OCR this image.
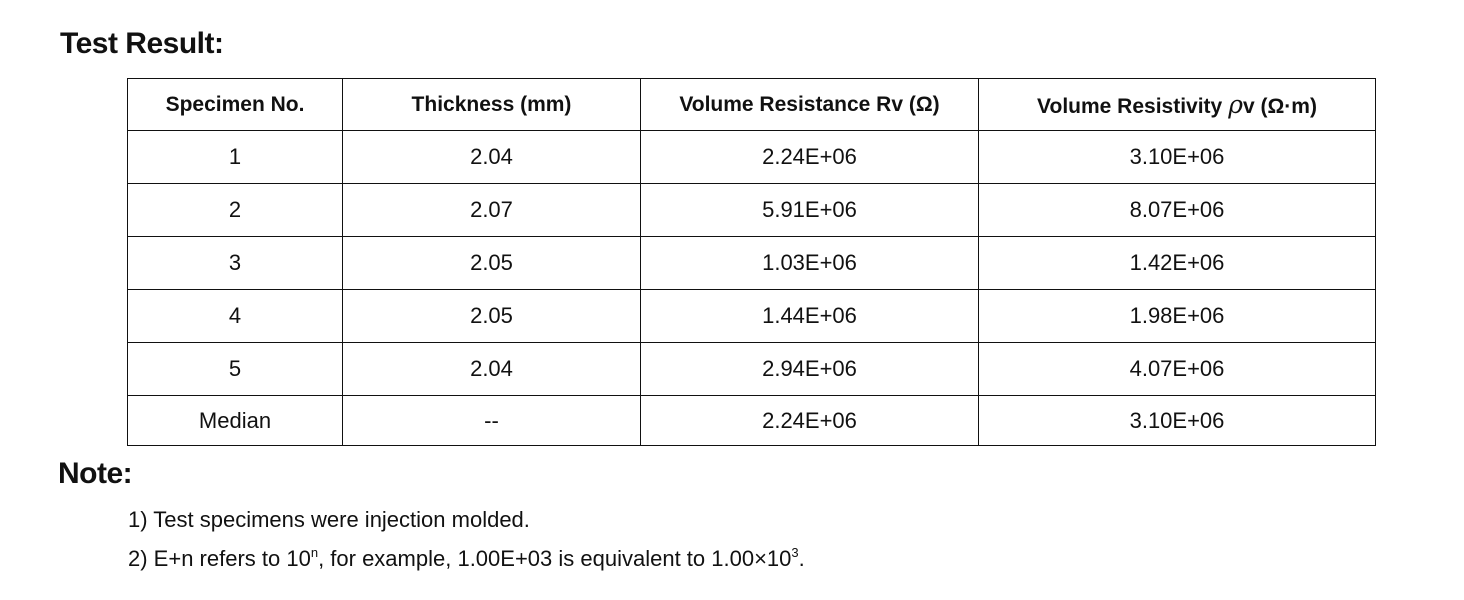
Test Result:
Specimen No.	Thickness (mm)	Volume Resistance Rv (Ω)	Volume Resistivity ρv (Ω·m)
1	2.04	2.24E+06	3.10E+06
2	2.07	5.91E+06	8.07E+06
3	2.05	1.03E+06	1.42E+06
4	2.05	1.44E+06	1.98E+06
5	2.04	2.94E+06	4.07E+06
Median	--	2.24E+06	3.10E+06
Note:
1) Test specimens were injection molded.
2) E+n refers to 10$^n$, for example, 1.00E+03 is equivalent to $1.00\times 10^3$.
